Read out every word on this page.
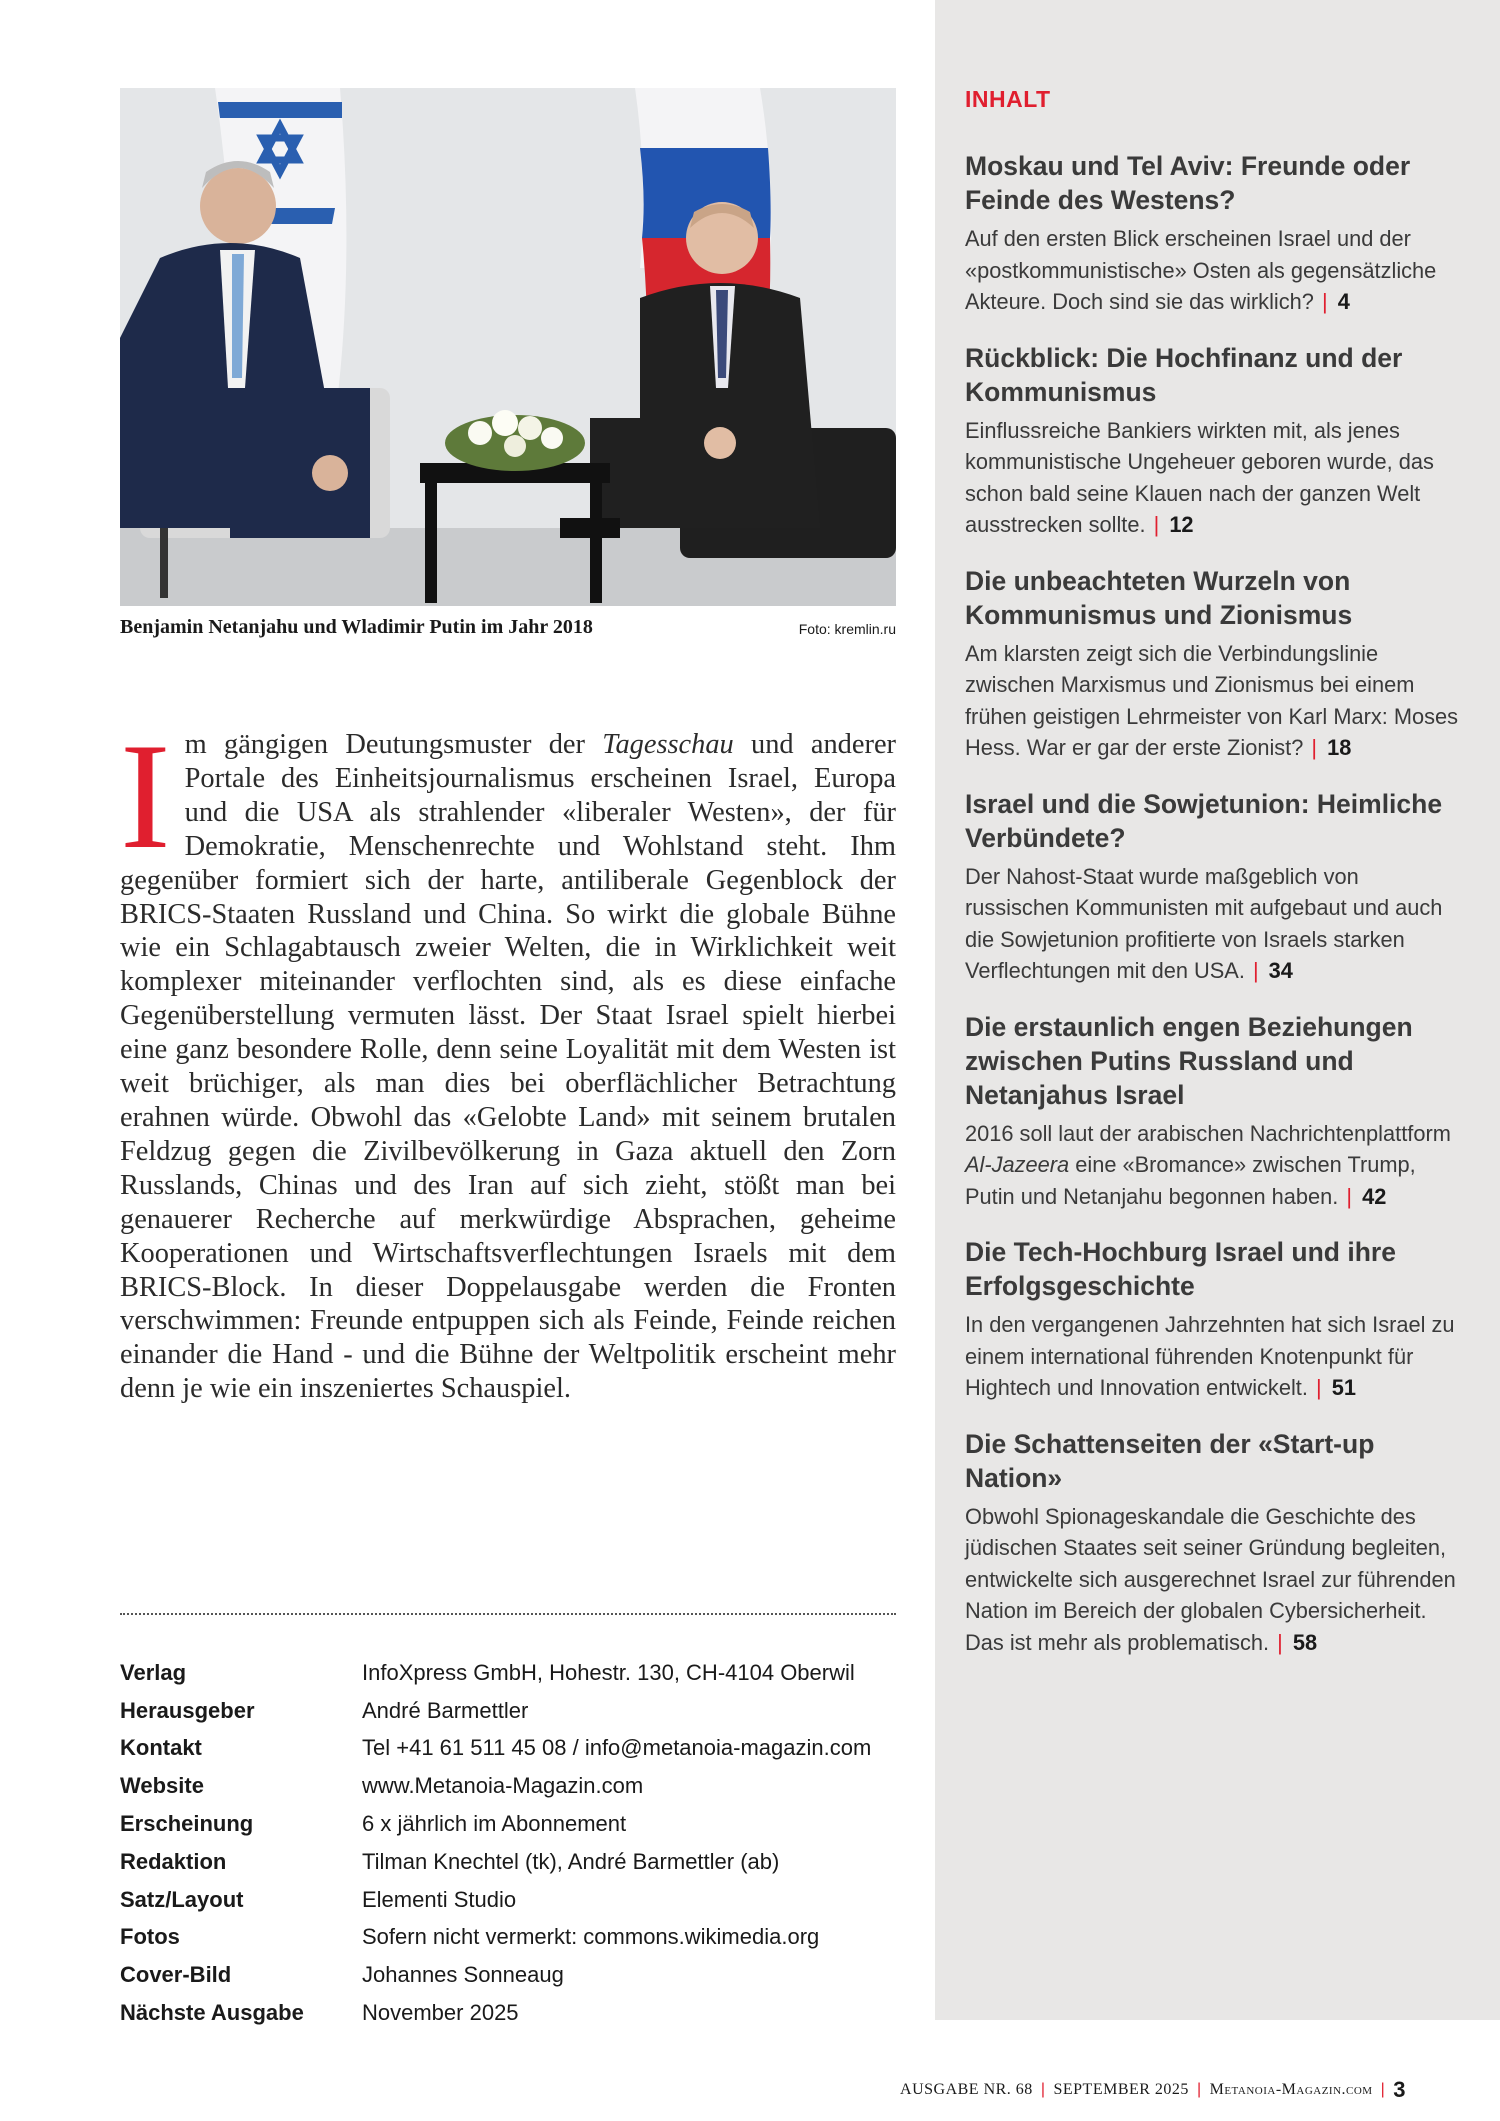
Benjamin Netanjahu und Wladimir Putin im Jahr 2018	Foto: kremlin.ru

Im gängigen Deutungsmuster der Tagesschau und anderer Portale des Einheitsjournalismus erscheinen Israel, Europa und die USA als strahlender «liberaler Westen», der für Demokratie, Menschenrechte und Wohlstand steht. Ihm gegenüber formiert sich der harte, antiliberale Gegenblock der BRICS-Staaten Russland und China. So wirkt die globale Bühne wie ein Schlagabtausch zweier Welten, die in Wirklichkeit weit komplexer miteinander verflochten sind, als es diese einfache Gegenüberstellung vermuten lässt. Der Staat Israel spielt hierbei eine ganz besondere Rolle, denn seine Loyalität mit dem Westen ist weit brüchiger, als man dies bei oberflächlicher Betrachtung erahnen würde. Obwohl das «Gelobte Land» mit seinem brutalen Feldzug gegen die Zivilbevölkerung in Gaza aktuell den Zorn Russlands, Chinas und des Iran auf sich zieht, stößt man bei genauerer Recherche auf merkwürdige Absprachen, geheime Kooperationen und Wirtschaftsverflechtungen Israels mit dem BRICS-Block. In dieser Doppelausgabe werden die Fronten verschwimmen: Freunde entpuppen sich als Feinde, Feinde reichen einander die Hand - und die Bühne der Weltpolitik erscheint mehr denn je wie ein inszeniertes Schauspiel.

Verlag	InfoXpress GmbH, Hohestr. 130, CH-4104 Oberwil
Herausgeber	André Barmettler
Kontakt	Tel +41 61 511 45 08 / info@metanoia-magazin.com
Website	www.Metanoia-Magazin.com
Erscheinung	6 x jährlich im Abonnement
Redaktion	Tilman Knechtel (tk), André Barmettler (ab)
Satz/Layout	Elementi Studio
Fotos	Sofern nicht vermerkt: commons.wikimedia.org
Cover-Bild	Johannes Sonneaug
Nächste Ausgabe	November 2025
INHALT
Moskau und Tel Aviv: Freunde oder Feinde des Westens?

Auf den ersten Blick erscheinen Israel und der «postkommunistische» Osten als gegensätzliche Akteure. Doch sind sie das wirklich? | 4

Rückblick: Die Hochfinanz und der Kommunismus

Einflussreiche Bankiers wirkten mit, als jenes kommunistische Ungeheuer geboren wurde, das schon bald seine Klauen nach der ganzen Welt ausstrecken sollte. | 12

Die unbeachteten Wurzeln von Kommunismus und Zionismus

Am klarsten zeigt sich die Verbindungslinie zwischen Marxismus und Zionismus bei einem frühen geistigen Lehrmeister von Karl Marx: Moses Hess. War er gar der erste Zionist? | 18

Israel und die Sowjetunion: Heimliche Verbündete?

Der Nahost-Staat wurde maßgeblich von russischen Kommunisten mit aufgebaut und auch die Sowjetunion profitierte von Israels starken Verflechtungen mit den USA. | 34

Die erstaunlich engen Beziehungen zwischen Putins Russland und Netanjahus Israel

2016 soll laut der arabischen Nachrichtenplattform Al-Jazeera eine «Bromance» zwischen Trump, Putin und Netanjahu begonnen haben. | 42

Die Tech-Hochburg Israel und ihre Erfolgsgeschichte

In den vergangenen Jahrzehnten hat sich Israel zu einem international führenden Knotenpunkt für Hightech und Innovation entwickelt. | 51

Die Schattenseiten der «Start-up Nation»

Obwohl Spionageskandale die Geschichte des jüdischen Staates seit seiner Gründung begleiten, entwickelte sich ausgerechnet Israel zur führenden Nation im Bereich der globalen Cybersicherheit. Das ist mehr als problematisch. | 58

AUSGABE NR. 68 | SEPTEMBER 2025 | Metanoia-Magazin.com | 3
